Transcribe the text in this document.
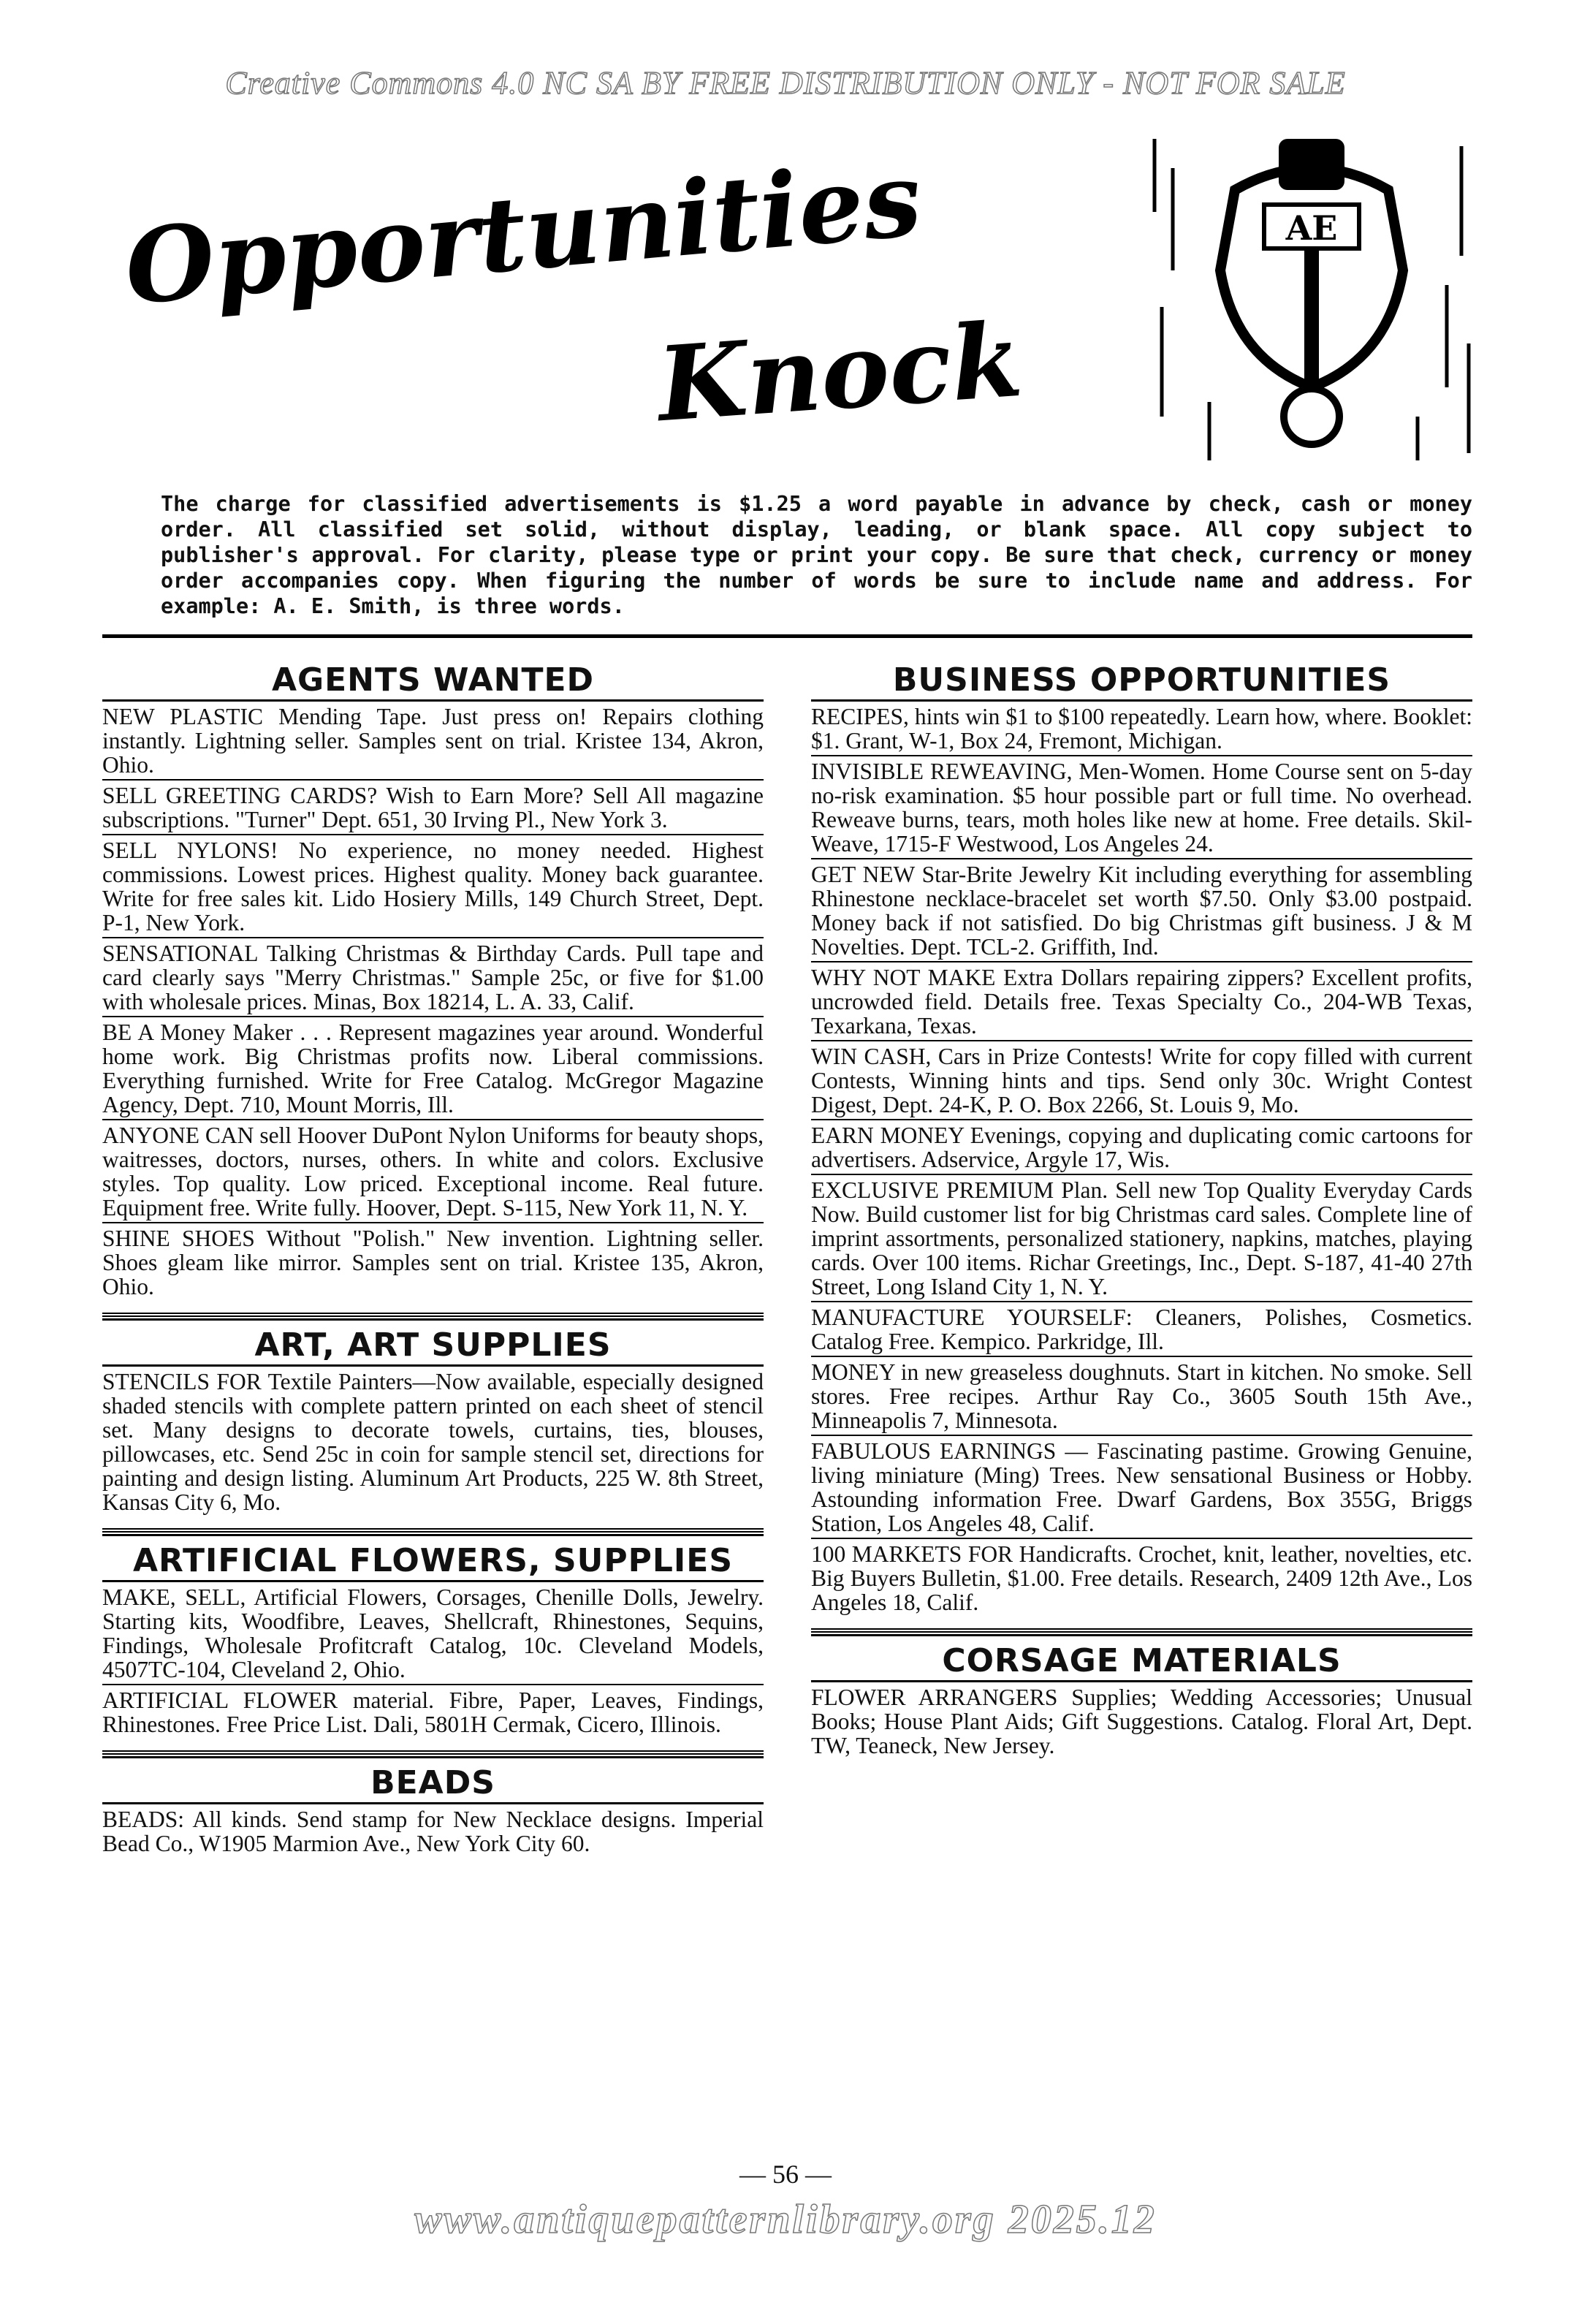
Creative Commons 4.0 NC SA BY FREE DISTRIBUTION ONLY - NOT FOR SALE
Opportunities
Knock
AE
The charge for classified advertisements is $1.25 a word payable in advance by check, cash or money order. All classified set solid, without display, leading, or blank space. All copy subject to publisher's approval. For clarity, please type or print your copy. Be sure that check, currency or money order accompanies copy. When figuring the number of words be sure to include name and address. For example: A. E. Smith, is three words.
AGENTS WANTED
NEW PLASTIC Mending Tape. Just press on! Repairs clothing instantly. Lightning seller. Samples sent on trial. Kristee 134, Akron, Ohio.
SELL GREETING CARDS? Wish to Earn More? Sell All magazine subscriptions. "Turner" Dept. 651, 30 Irving Pl., New York 3.
SELL NYLONS! No experience, no money needed. Highest commissions. Lowest prices. Highest quality. Money back guarantee. Write for free sales kit. Lido Hosiery Mills, 149 Church Street, Dept. P-1, New York.
SENSATIONAL Talking Christmas & Birthday Cards. Pull tape and card clearly says "Merry Christmas." Sample 25c, or five for $1.00 with wholesale prices. Minas, Box 18214, L. A. 33, Calif.
BE A Money Maker . . . Represent magazines year around. Wonderful home work. Big Christmas profits now. Liberal commissions. Everything furnished. Write for Free Catalog. McGregor Magazine Agency, Dept. 710, Mount Morris, Ill.
ANYONE CAN sell Hoover DuPont Nylon Uniforms for beauty shops, waitresses, doctors, nurses, others. In white and colors. Exclusive styles. Top quality. Low priced. Exceptional income. Real future. Equipment free. Write fully. Hoover, Dept. S-115, New York 11, N. Y.
SHINE SHOES Without "Polish." New invention. Lightning seller. Shoes gleam like mirror. Samples sent on trial. Kristee 135, Akron, Ohio.
ART, ART SUPPLIES
STENCILS FOR Textile Painters—Now available, especially designed shaded stencils with complete pattern printed on each sheet of stencil set. Many designs to decorate towels, curtains, ties, blouses, pillowcases, etc. Send 25c in coin for sample stencil set, directions for painting and design listing. Aluminum Art Products, 225 W. 8th Street, Kansas City 6, Mo.
ARTIFICIAL FLOWERS, SUPPLIES
MAKE, SELL, Artificial Flowers, Corsages, Chenille Dolls, Jewelry. Starting kits, Woodfibre, Leaves, Shellcraft, Rhinestones, Sequins, Findings, Wholesale Profitcraft Catalog, 10c. Cleveland Models, 4507TC-104, Cleveland 2, Ohio.
ARTIFICIAL FLOWER material. Fibre, Paper, Leaves, Findings, Rhinestones. Free Price List. Dali, 5801H Cermak, Cicero, Illinois.
BEADS
BEADS: All kinds. Send stamp for New Necklace designs. Imperial Bead Co., W1905 Marmion Ave., New York City 60.
BUSINESS OPPORTUNITIES
RECIPES, hints win $1 to $100 repeatedly. Learn how, where. Booklet: $1. Grant, W-1, Box 24, Fremont, Michigan.
INVISIBLE REWEAVING, Men-Women. Home Course sent on 5-day no-risk examination. $5 hour possible part or full time. No overhead. Reweave burns, tears, moth holes like new at home. Free details. Skil-Weave, 1715-F Westwood, Los Angeles 24.
GET NEW Star-Brite Jewelry Kit including everything for assembling Rhinestone necklace-bracelet set worth $7.50. Only $3.00 postpaid. Money back if not satisfied. Do big Christmas gift business. J & M Novelties. Dept. TCL-2. Griffith, Ind.
WHY NOT MAKE Extra Dollars repairing zippers? Excellent profits, uncrowded field. Details free. Texas Specialty Co., 204-WB Texas, Texarkana, Texas.
WIN CASH, Cars in Prize Contests! Write for copy filled with current Contests, Winning hints and tips. Send only 30c. Wright Contest Digest, Dept. 24-K, P. O. Box 2266, St. Louis 9, Mo.
EARN MONEY Evenings, copying and duplicating comic cartoons for advertisers. Adservice, Argyle 17, Wis.
EXCLUSIVE PREMIUM Plan. Sell new Top Quality Everyday Cards Now. Build customer list for big Christmas card sales. Complete line of imprint assortments, personalized stationery, napkins, matches, playing cards. Over 100 items. Richar Greetings, Inc., Dept. S-187, 41-40 27th Street, Long Island City 1, N. Y.
MANUFACTURE YOURSELF: Cleaners, Polishes, Cosmetics. Catalog Free. Kempico. Parkridge, Ill.
MONEY in new greaseless doughnuts. Start in kitchen. No smoke. Sell stores. Free recipes. Arthur Ray Co., 3605 South 15th Ave., Minneapolis 7, Minnesota.
FABULOUS EARNINGS — Fascinating pastime. Growing Genuine, living miniature (Ming) Trees. New sensational Business or Hobby. Astounding information Free. Dwarf Gardens, Box 355G, Briggs Station, Los Angeles 48, Calif.
100 MARKETS FOR Handicrafts. Crochet, knit, leather, novelties, etc. Big Buyers Bulletin, $1.00. Free details. Research, 2409 12th Ave., Los Angeles 18, Calif.
CORSAGE MATERIALS
FLOWER ARRANGERS Supplies; Wedding Accessories; Unusual Books; House Plant Aids; Gift Suggestions. Catalog. Floral Art, Dept. TW, Teaneck, New Jersey.
— 56 —
www.antiquepatternlibrary.org 2025.12
